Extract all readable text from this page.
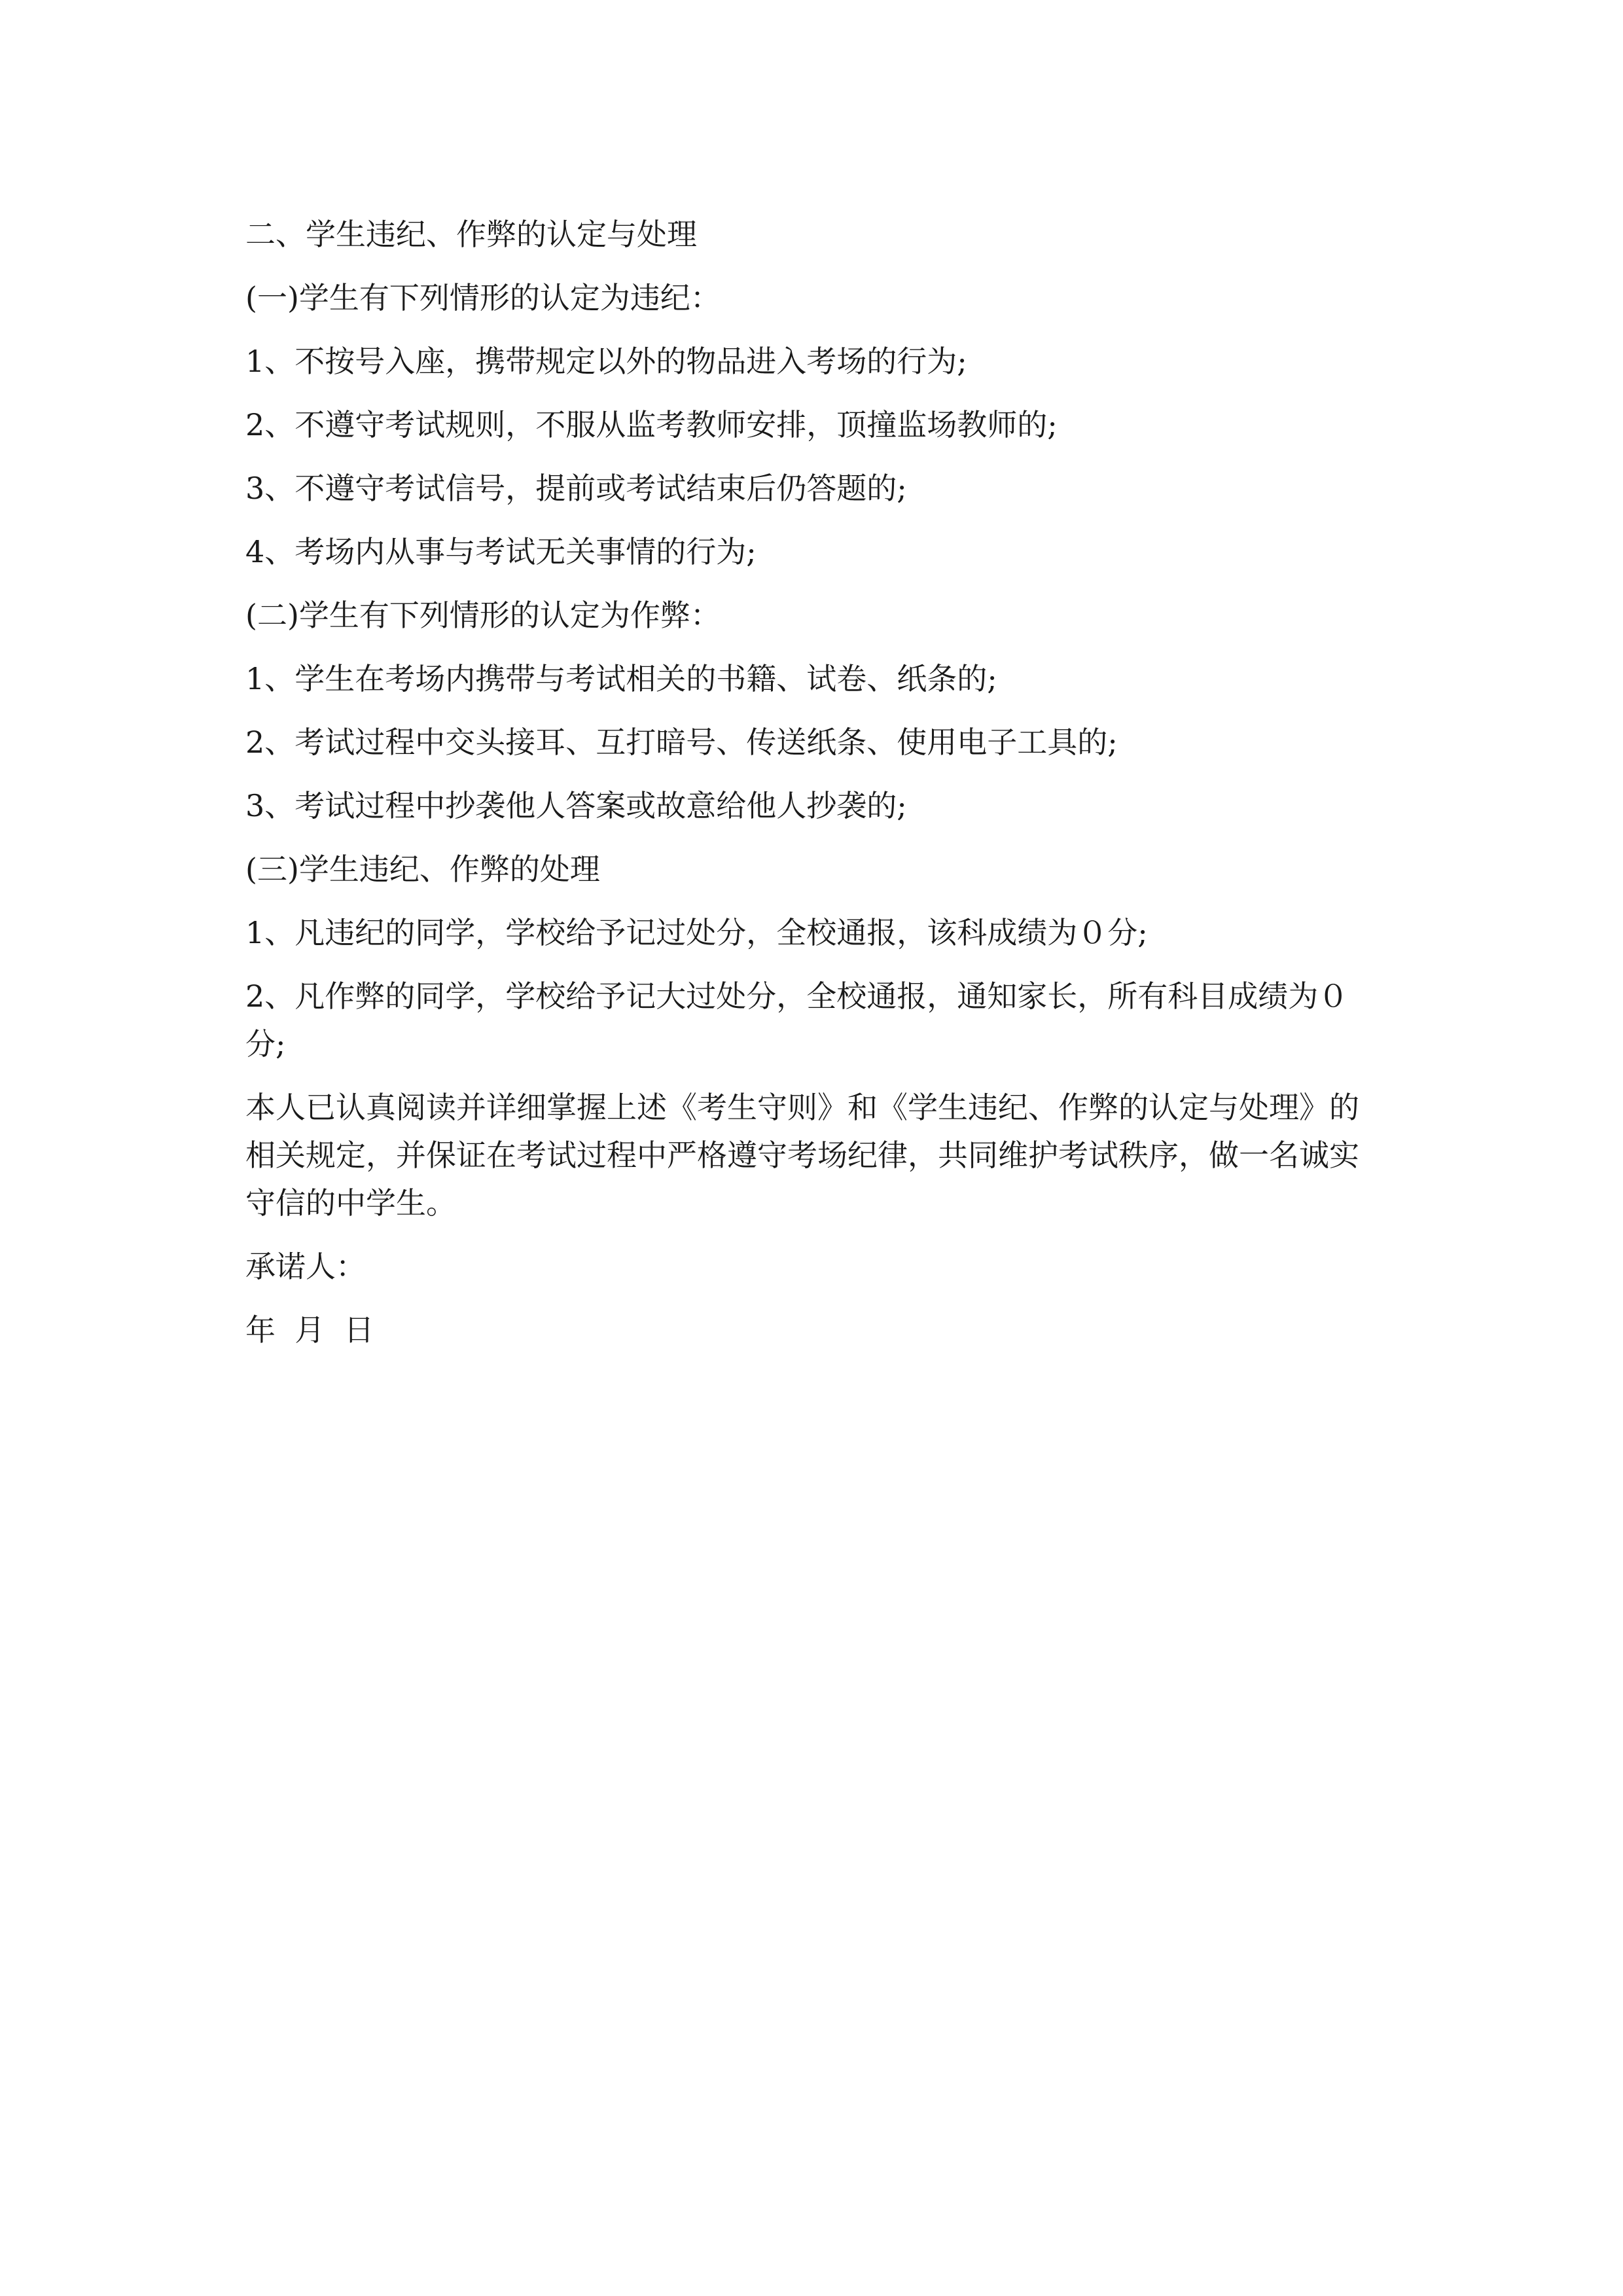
二、学生违纪、作弊的认定与处理

(一)学生有下列情形的认定为违纪：

1、不按号入座，携带规定以外的物品进入考场的行为;

2、不遵守考试规则，不服从监考教师安排，顶撞监场教师的;

3、不遵守考试信号，提前或考试结束后仍答题的;

4、考场内从事与考试无关事情的行为;

(二)学生有下列情形的认定为作弊：

1、学生在考场内携带与考试相关的书籍、试卷、纸条的;

2、考试过程中交头接耳、互打暗号、传送纸条、使用电子工具的;

3、考试过程中抄袭他人答案或故意给他人抄袭的;

(三)学生违纪、作弊的处理

1、凡违纪的同学，学校给予记过处分，全校通报，该科成绩为０分;

2、凡作弊的同学，学校给予记大过处分，全校通报，通知家长，所有科目成绩为０分;

本人已认真阅读并详细掌握上述《考生守则》和《学生违纪、作弊的认定与处理》的相关规定，并保证在考试过程中严格遵守考场纪律，共同维护考试秩序，做一名诚实守信的中学生。

承诺人：

年  月  日
